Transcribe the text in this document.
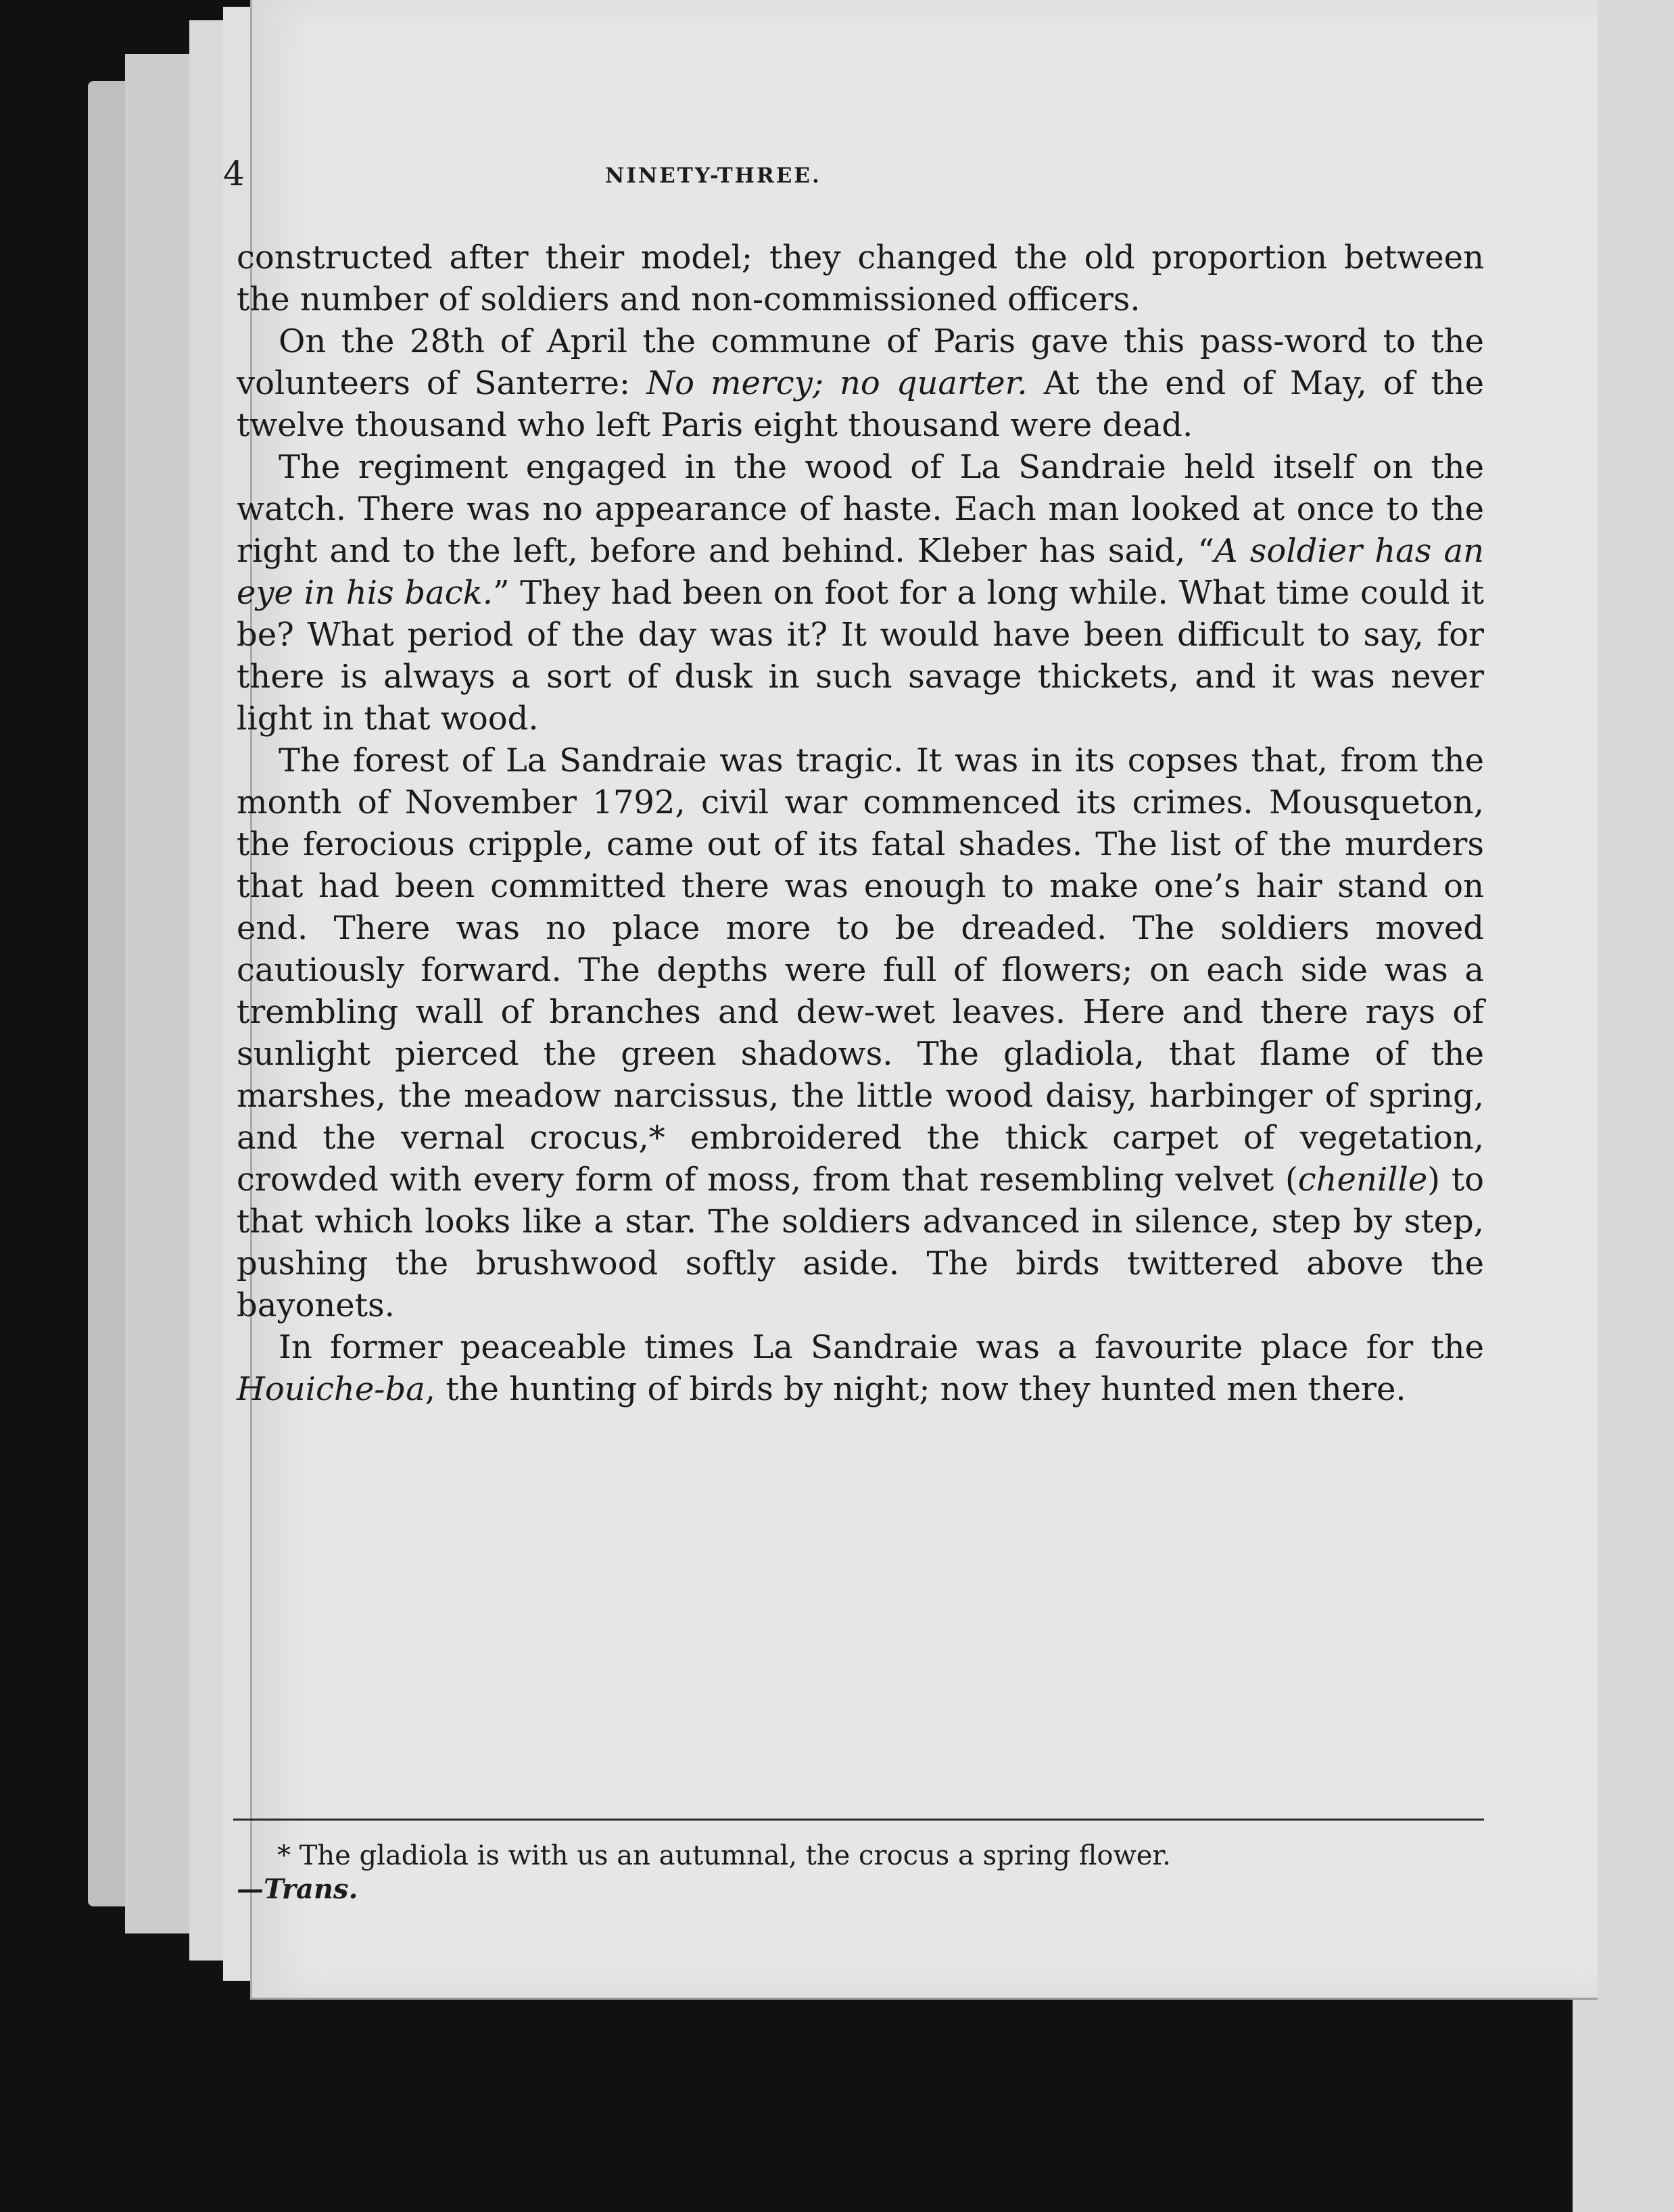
4	NINETY-THREE.

constructed after their model; they changed the old proportion between the number of soldiers and non-commissioned officers.

On the 28th of April the commune of Paris gave this pass-word to the volunteers of Santerre: No mercy; no quarter. At the end of May, of the twelve thousand who left Paris eight thousand were dead.

The regiment engaged in the wood of La Sandraie held itself on the watch. There was no appearance of haste. Each man looked at once to the right and to the left, before and behind. Kleber has said, “A soldier has an eye in his back.” They had been on foot for a long while. What time could it be? What period of the day was it? It would have been difficult to say, for there is always a sort of dusk in such savage thickets, and it was never light in that wood.

The forest of La Sandraie was tragic. It was in its copses that, from the month of November 1792, civil war commenced its crimes. Mousqueton, the ferocious cripple, came out of its fatal shades. The list of the murders that had been committed there was enough to make one’s hair stand on end. There was no place more to be dreaded. The soldiers moved cautiously forward. The depths were full of flowers; on each side was a trembling wall of branches and dew-wet leaves. Here and there rays of sunlight pierced the green shadows. The gladiola, that flame of the marshes, the meadow narcissus, the little wood daisy, harbinger of spring, and the vernal crocus,* embroidered the thick carpet of vegetation, crowded with every form of moss, from that resembling velvet (chenille) to that which looks like a star. The soldiers advanced in silence, step by step, pushing the brushwood softly aside. The birds twittered above the bayonets.

In former peaceable times La Sandraie was a favourite place for the Houiche-ba, the hunting of birds by night; now they hunted men there.

* The gladiola is with us an autumnal, the crocus a spring flower.

—Trans.
